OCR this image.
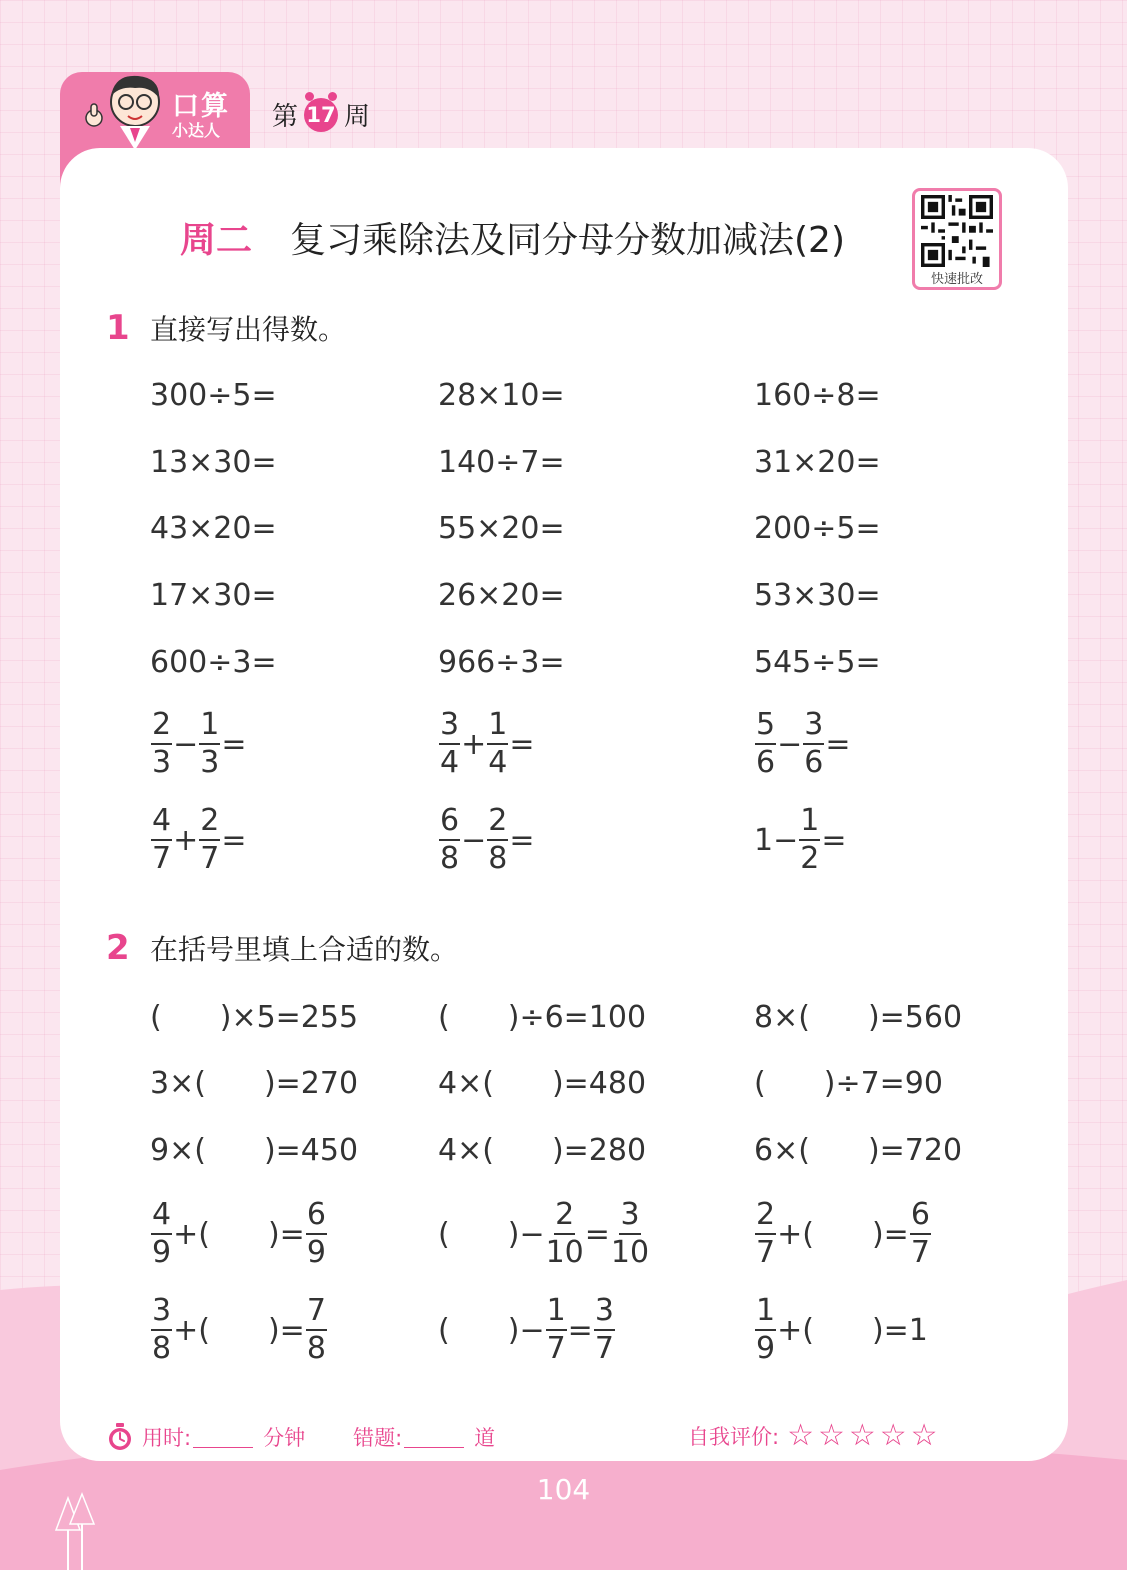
口算
小达人 第 17 周
周二 复习乘除法及同分母分数加减法(2)
快速批改
1 直接写出得数。
300÷5=	28×10=	160÷8=
13×30=	140÷7=	31×20=
43×20=	55×20=	200÷5=
17×30=	26×20=	53×30=
600÷3=	966÷3=	545÷5=
$\frac{2}{3} - \frac{1}{3}$ =	$\frac{3}{4} + \frac{1}{4}$ =	$\frac{5}{6} - \frac{3}{6}$ =
$\frac{4}{7} + \frac{2}{7}$ =	$\frac{6}{8} - \frac{2}{8}$ =	$1 - \frac{1}{2}$ =
2 在括号里填上合适的数。
( ) ×5=255	( ) ÷6=100	8× ( ) =560
3× ( ) =270	4× ( ) =480	( ) ÷7=90
9× ( ) =450	4× ( ) =280	6× ( ) =720
$\frac{4}{9}$ + ( ) = $\frac{6}{9}$	( ) − $\frac{2}{10} = \frac{3}{10}$	$\frac{2}{7}$ + ( ) = $\frac{6}{7}$
$\frac{3}{8}$ + ( ) = $\frac{7}{8}$	( ) − $\frac{1}{7} = \frac{3}{7}$	$\frac{1}{9}$ + ( ) =1
用时:	分钟 错题:	道	自我评价: ☆☆☆☆☆
104
